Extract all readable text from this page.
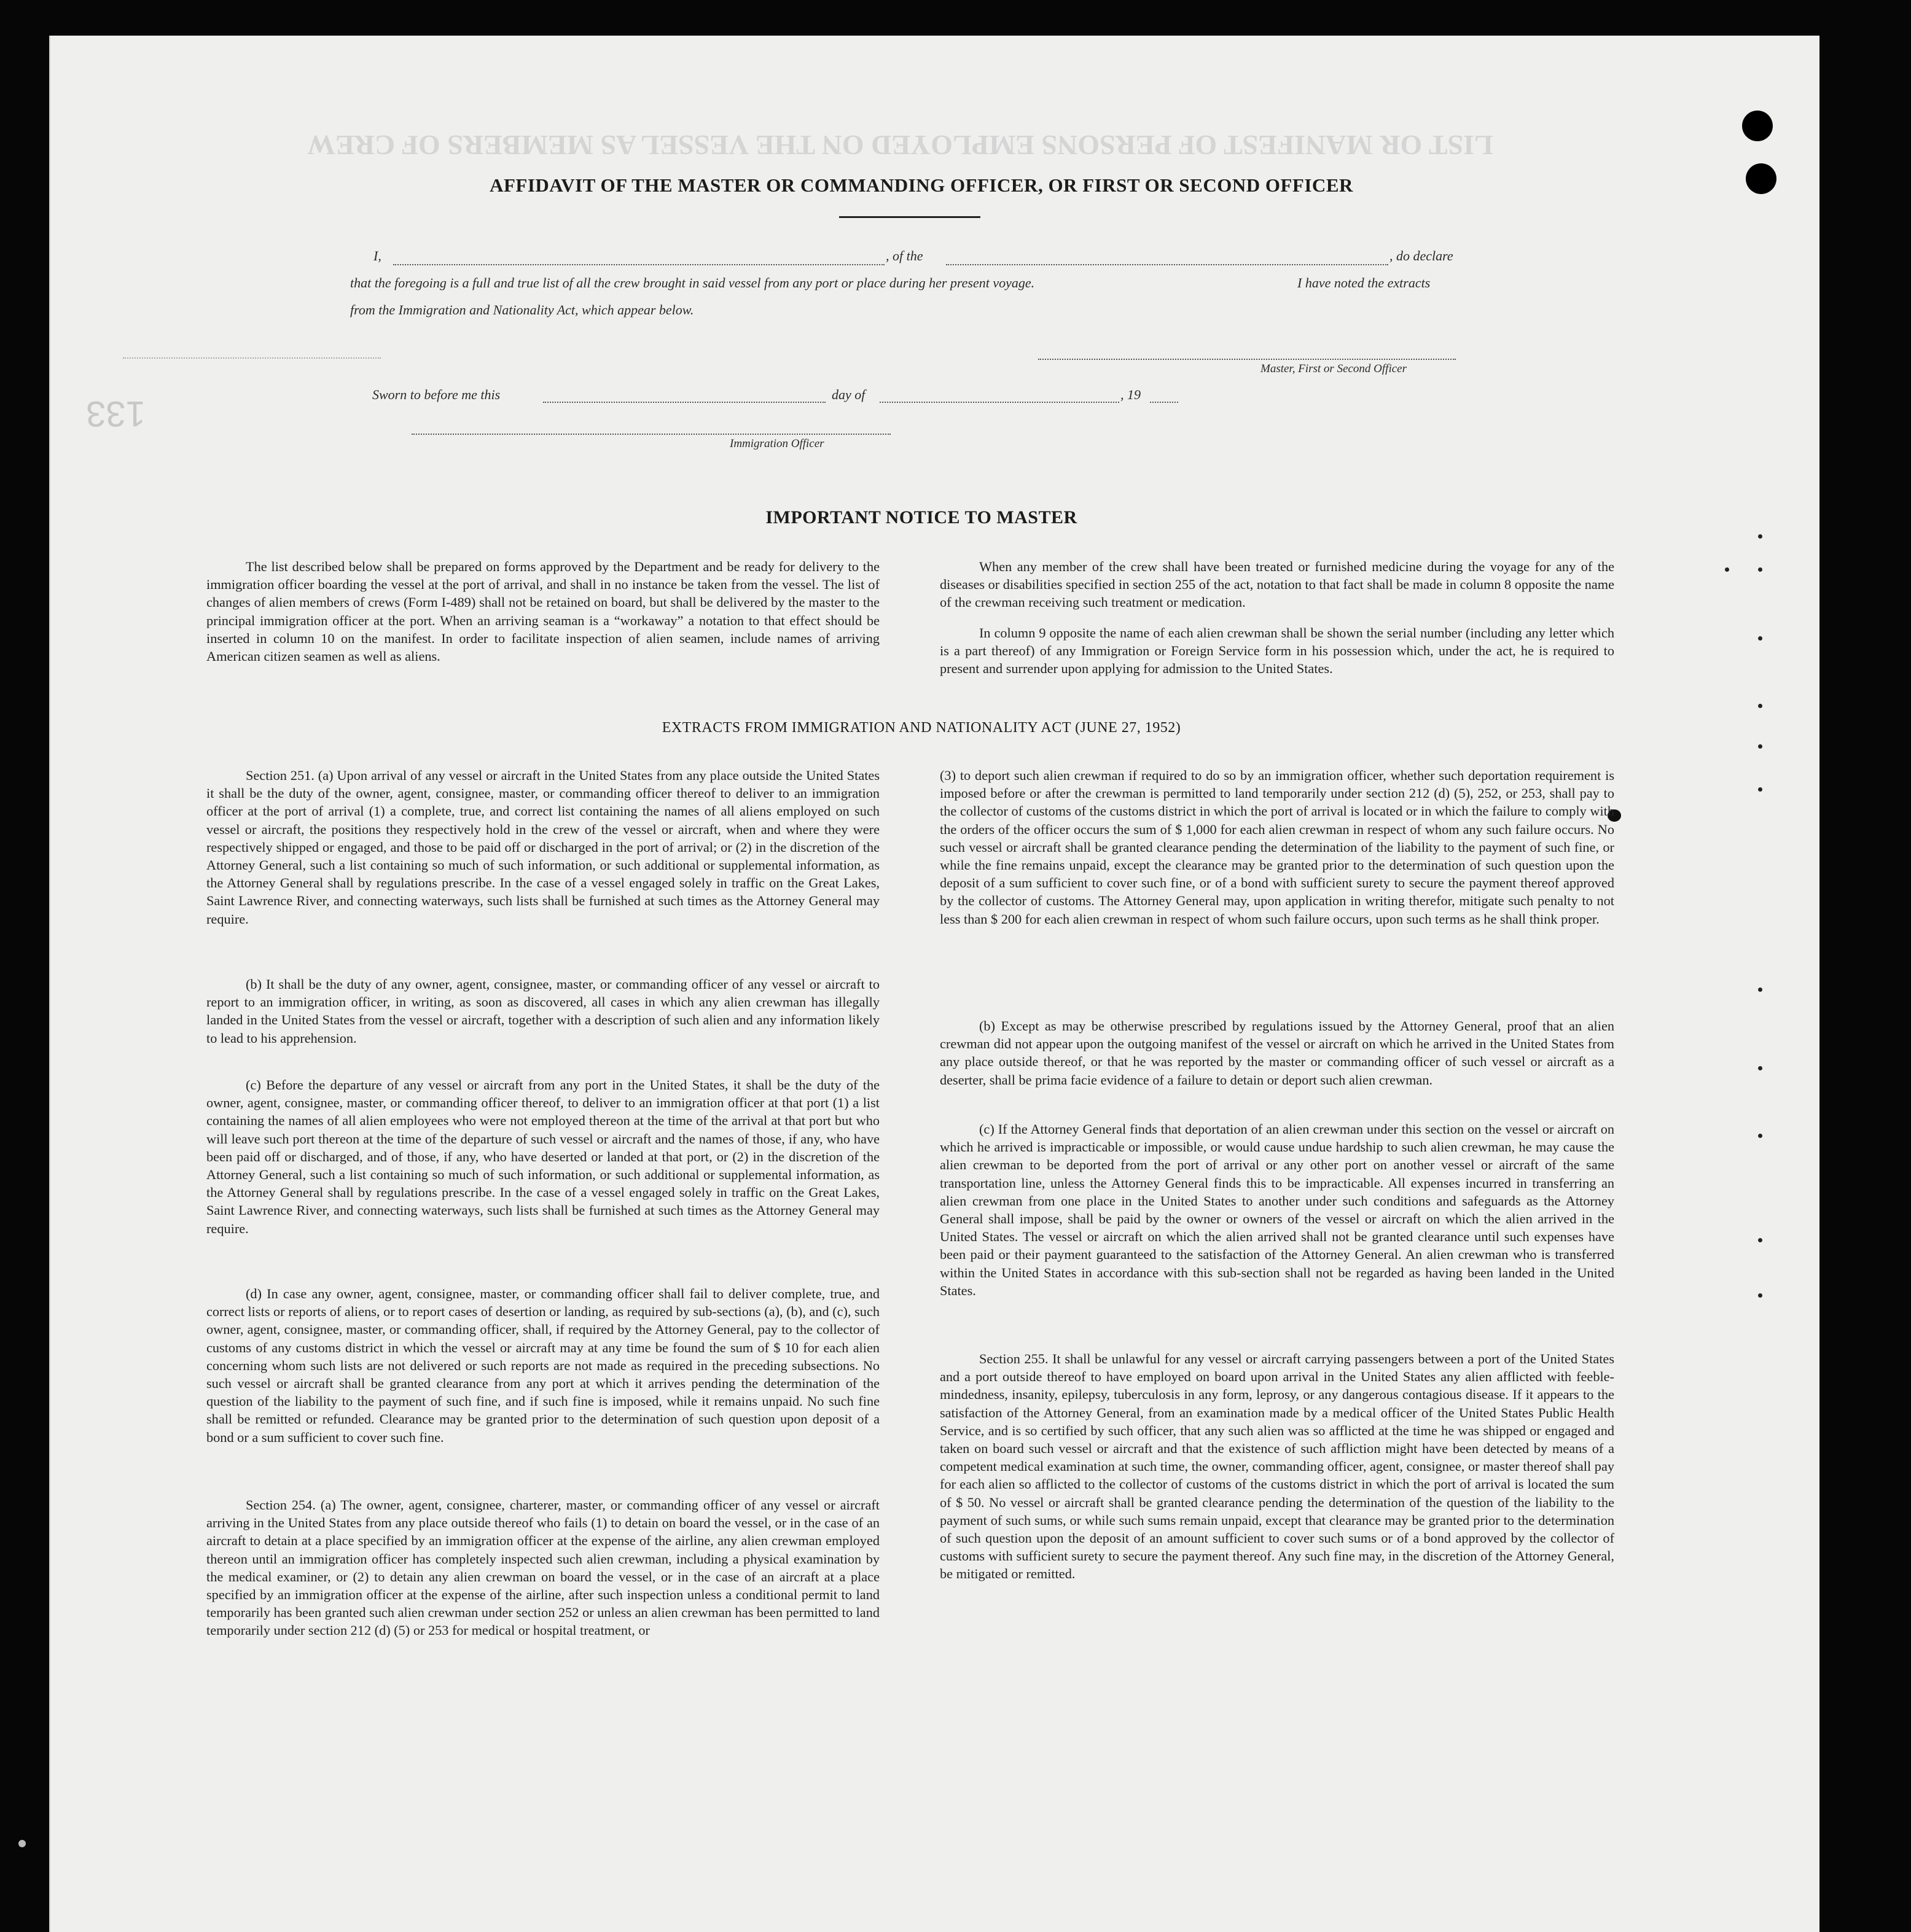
LIST OR MANIFEST OF PERSONS EMPLOYED ON THE VESSEL AS MEMBERS OF CREW
133
AFFIDAVIT OF THE MASTER OR COMMANDING OFFICER, OR FIRST OR SECOND OFFICER
I,	, of the	, do declare
that the foregoing is a full and true list of all the crew brought in said vessel from any port or place during her present voyage.	I have noted the extracts
from the Immigration and Nationality Act, which appear below.
Master, First or Second Officer
Sworn to before me this	day of	, 19
Immigration Officer
IMPORTANT NOTICE TO MASTER

The list described below shall be prepared on forms approved by the Department and be ready for delivery to the immigration officer boarding the vessel at the port of arrival, and shall in no instance be taken from the vessel. The list of changes of alien members of crews (Form I-489) shall not be retained on board, but shall be delivered by the master to the principal immigration officer at the port. When an arriving seaman is a “workaway” a notation to that effect should be inserted in column 10 on the manifest. In order to facilitate inspection of alien seamen, include names of arriving American citizen seamen as well as aliens.

When any member of the crew shall have been treated or furnished medicine during the voyage for any of the diseases or disabilities specified in section 255 of the act, notation to that fact shall be made in column 8 opposite the name of the crewman receiving such treatment or medication.

In column 9 opposite the name of each alien crewman shall be shown the serial number (including any letter which is a part thereof) of any Immigration or Foreign Service form in his possession which, under the act, he is required to present and surrender upon applying for admission to the United States.

EXTRACTS FROM IMMIGRATION AND NATIONALITY ACT (JUNE 27, 1952)

Section 251. (a) Upon arrival of any vessel or aircraft in the United States from any place outside the United States it shall be the duty of the owner, agent, consignee, master, or commanding officer thereof to deliver to an immigration officer at the port of arrival (1) a complete, true, and correct list containing the names of all aliens employed on such vessel or aircraft, the positions they respectively hold in the crew of the vessel or aircraft, when and where they were respectively shipped or engaged, and those to be paid off or discharged in the port of arrival; or (2) in the discretion of the Attorney General, such a list containing so much of such information, or such additional or supplemental information, as the Attorney General shall by regulations prescribe. In the case of a vessel engaged solely in traffic on the Great Lakes, Saint Lawrence River, and connecting waterways, such lists shall be furnished at such times as the Attorney General may require.

(b) It shall be the duty of any owner, agent, consignee, master, or commanding officer of any vessel or aircraft to report to an immigration officer, in writing, as soon as discovered, all cases in which any alien crewman has illegally landed in the United States from the vessel or aircraft, together with a description of such alien and any information likely to lead to his apprehension.

(c) Before the departure of any vessel or aircraft from any port in the United States, it shall be the duty of the owner, agent, consignee, master, or commanding officer thereof, to deliver to an immigration officer at that port (1) a list containing the names of all alien employees who were not employed thereon at the time of the arrival at that port but who will leave such port thereon at the time of the departure of such vessel or aircraft and the names of those, if any, who have been paid off or discharged, and of those, if any, who have deserted or landed at that port, or (2) in the discretion of the Attorney General, such a list containing so much of such information, or such additional or supplemental information, as the Attorney General shall by regulations prescribe. In the case of a vessel engaged solely in traffic on the Great Lakes, Saint Lawrence River, and connecting waterways, such lists shall be furnished at such times as the Attorney General may require.

(d) In case any owner, agent, consignee, master, or commanding officer shall fail to deliver complete, true, and correct lists or reports of aliens, or to report cases of desertion or landing, as required by sub-sections (a), (b), and (c), such owner, agent, consignee, master, or commanding officer, shall, if required by the Attorney General, pay to the collector of customs of any customs district in which the vessel or aircraft may at any time be found the sum of $ 10 for each alien concerning whom such lists are not delivered or such reports are not made as required in the preceding subsections. No such vessel or aircraft shall be granted clearance from any port at which it arrives pending the determination of the question of the liability to the payment of such fine, and if such fine is imposed, while it remains unpaid. No such fine shall be remitted or refunded. Clearance may be granted prior to the determination of such question upon deposit of a bond or a sum sufficient to cover such fine.

Section 254. (a) The owner, agent, consignee, charterer, master, or commanding officer of any vessel or aircraft arriving in the United States from any place outside thereof who fails (1) to detain on board the vessel, or in the case of an aircraft to detain at a place specified by an immigration officer at the expense of the airline, any alien crewman employed thereon until an immigration officer has completely inspected such alien crewman, including a physical examination by the medical examiner, or (2) to detain any alien crewman on board the vessel, or in the case of an aircraft at a place specified by an immigration officer at the expense of the airline, after such inspection unless a conditional permit to land temporarily has been granted such alien crewman under section 252 or unless an alien crewman has been permitted to land temporarily under section 212 (d) (5) or 253 for medical or hospital treatment, or

(3) to deport such alien crewman if required to do so by an immigration officer, whether such deportation requirement is imposed before or after the crewman is permitted to land temporarily under section 212 (d) (5), 252, or 253, shall pay to the collector of customs of the customs district in which the port of arrival is located or in which the failure to comply with the orders of the officer occurs the sum of $ 1,000 for each alien crewman in respect of whom any such failure occurs. No such vessel or aircraft shall be granted clearance pending the determination of the liability to the payment of such fine, or while the fine remains unpaid, except the clearance may be granted prior to the determination of such question upon the deposit of a sum sufficient to cover such fine, or of a bond with sufficient surety to secure the payment thereof approved by the collector of customs. The Attorney General may, upon application in writing therefor, mitigate such penalty to not less than $ 200 for each alien crewman in respect of whom such failure occurs, upon such terms as he shall think proper.

(b) Except as may be otherwise prescribed by regulations issued by the Attorney General, proof that an alien crewman did not appear upon the outgoing manifest of the vessel or aircraft on which he arrived in the United States from any place outside thereof, or that he was reported by the master or commanding officer of such vessel or aircraft as a deserter, shall be prima facie evidence of a failure to detain or deport such alien crewman.

(c) If the Attorney General finds that deportation of an alien crewman under this section on the vessel or aircraft on which he arrived is impracticable or impossible, or would cause undue hardship to such alien crewman, he may cause the alien crewman to be deported from the port of arrival or any other port on another vessel or aircraft of the same transportation line, unless the Attorney General finds this to be impracticable. All expenses incurred in transferring an alien crewman from one place in the United States to another under such conditions and safeguards as the Attorney General shall impose, shall be paid by the owner or owners of the vessel or aircraft on which the alien arrived in the United States. The vessel or aircraft on which the alien arrived shall not be granted clearance until such expenses have been paid or their payment guaranteed to the satisfaction of the Attorney General. An alien crewman who is transferred within the United States in accordance with this sub-section shall not be regarded as having been landed in the United States.

Section 255. It shall be unlawful for any vessel or aircraft carrying passengers between a port of the United States and a port outside thereof to have employed on board upon arrival in the United States any alien afflicted with feeble-mindedness, insanity, epilepsy, tuberculosis in any form, leprosy, or any dangerous contagious disease. If it appears to the satisfaction of the Attorney General, from an examination made by a medical officer of the United States Public Health Service, and is so certified by such officer, that any such alien was so afflicted at the time he was shipped or engaged and taken on board such vessel or aircraft and that the existence of such affliction might have been detected by means of a competent medical examination at such time, the owner, commanding officer, agent, consignee, or master thereof shall pay for each alien so afflicted to the collector of customs of the customs district in which the port of arrival is located the sum of $ 50. No vessel or aircraft shall be granted clearance pending the determination of the question of the liability to the payment of such sums, or while such sums remain unpaid, except that clearance may be granted prior to the determination of such question upon the deposit of an amount sufficient to cover such sums or of a bond approved by the collector of customs with sufficient surety to secure the payment thereof. Any such fine may, in the discretion of the Attorney General, be mitigated or remitted.
